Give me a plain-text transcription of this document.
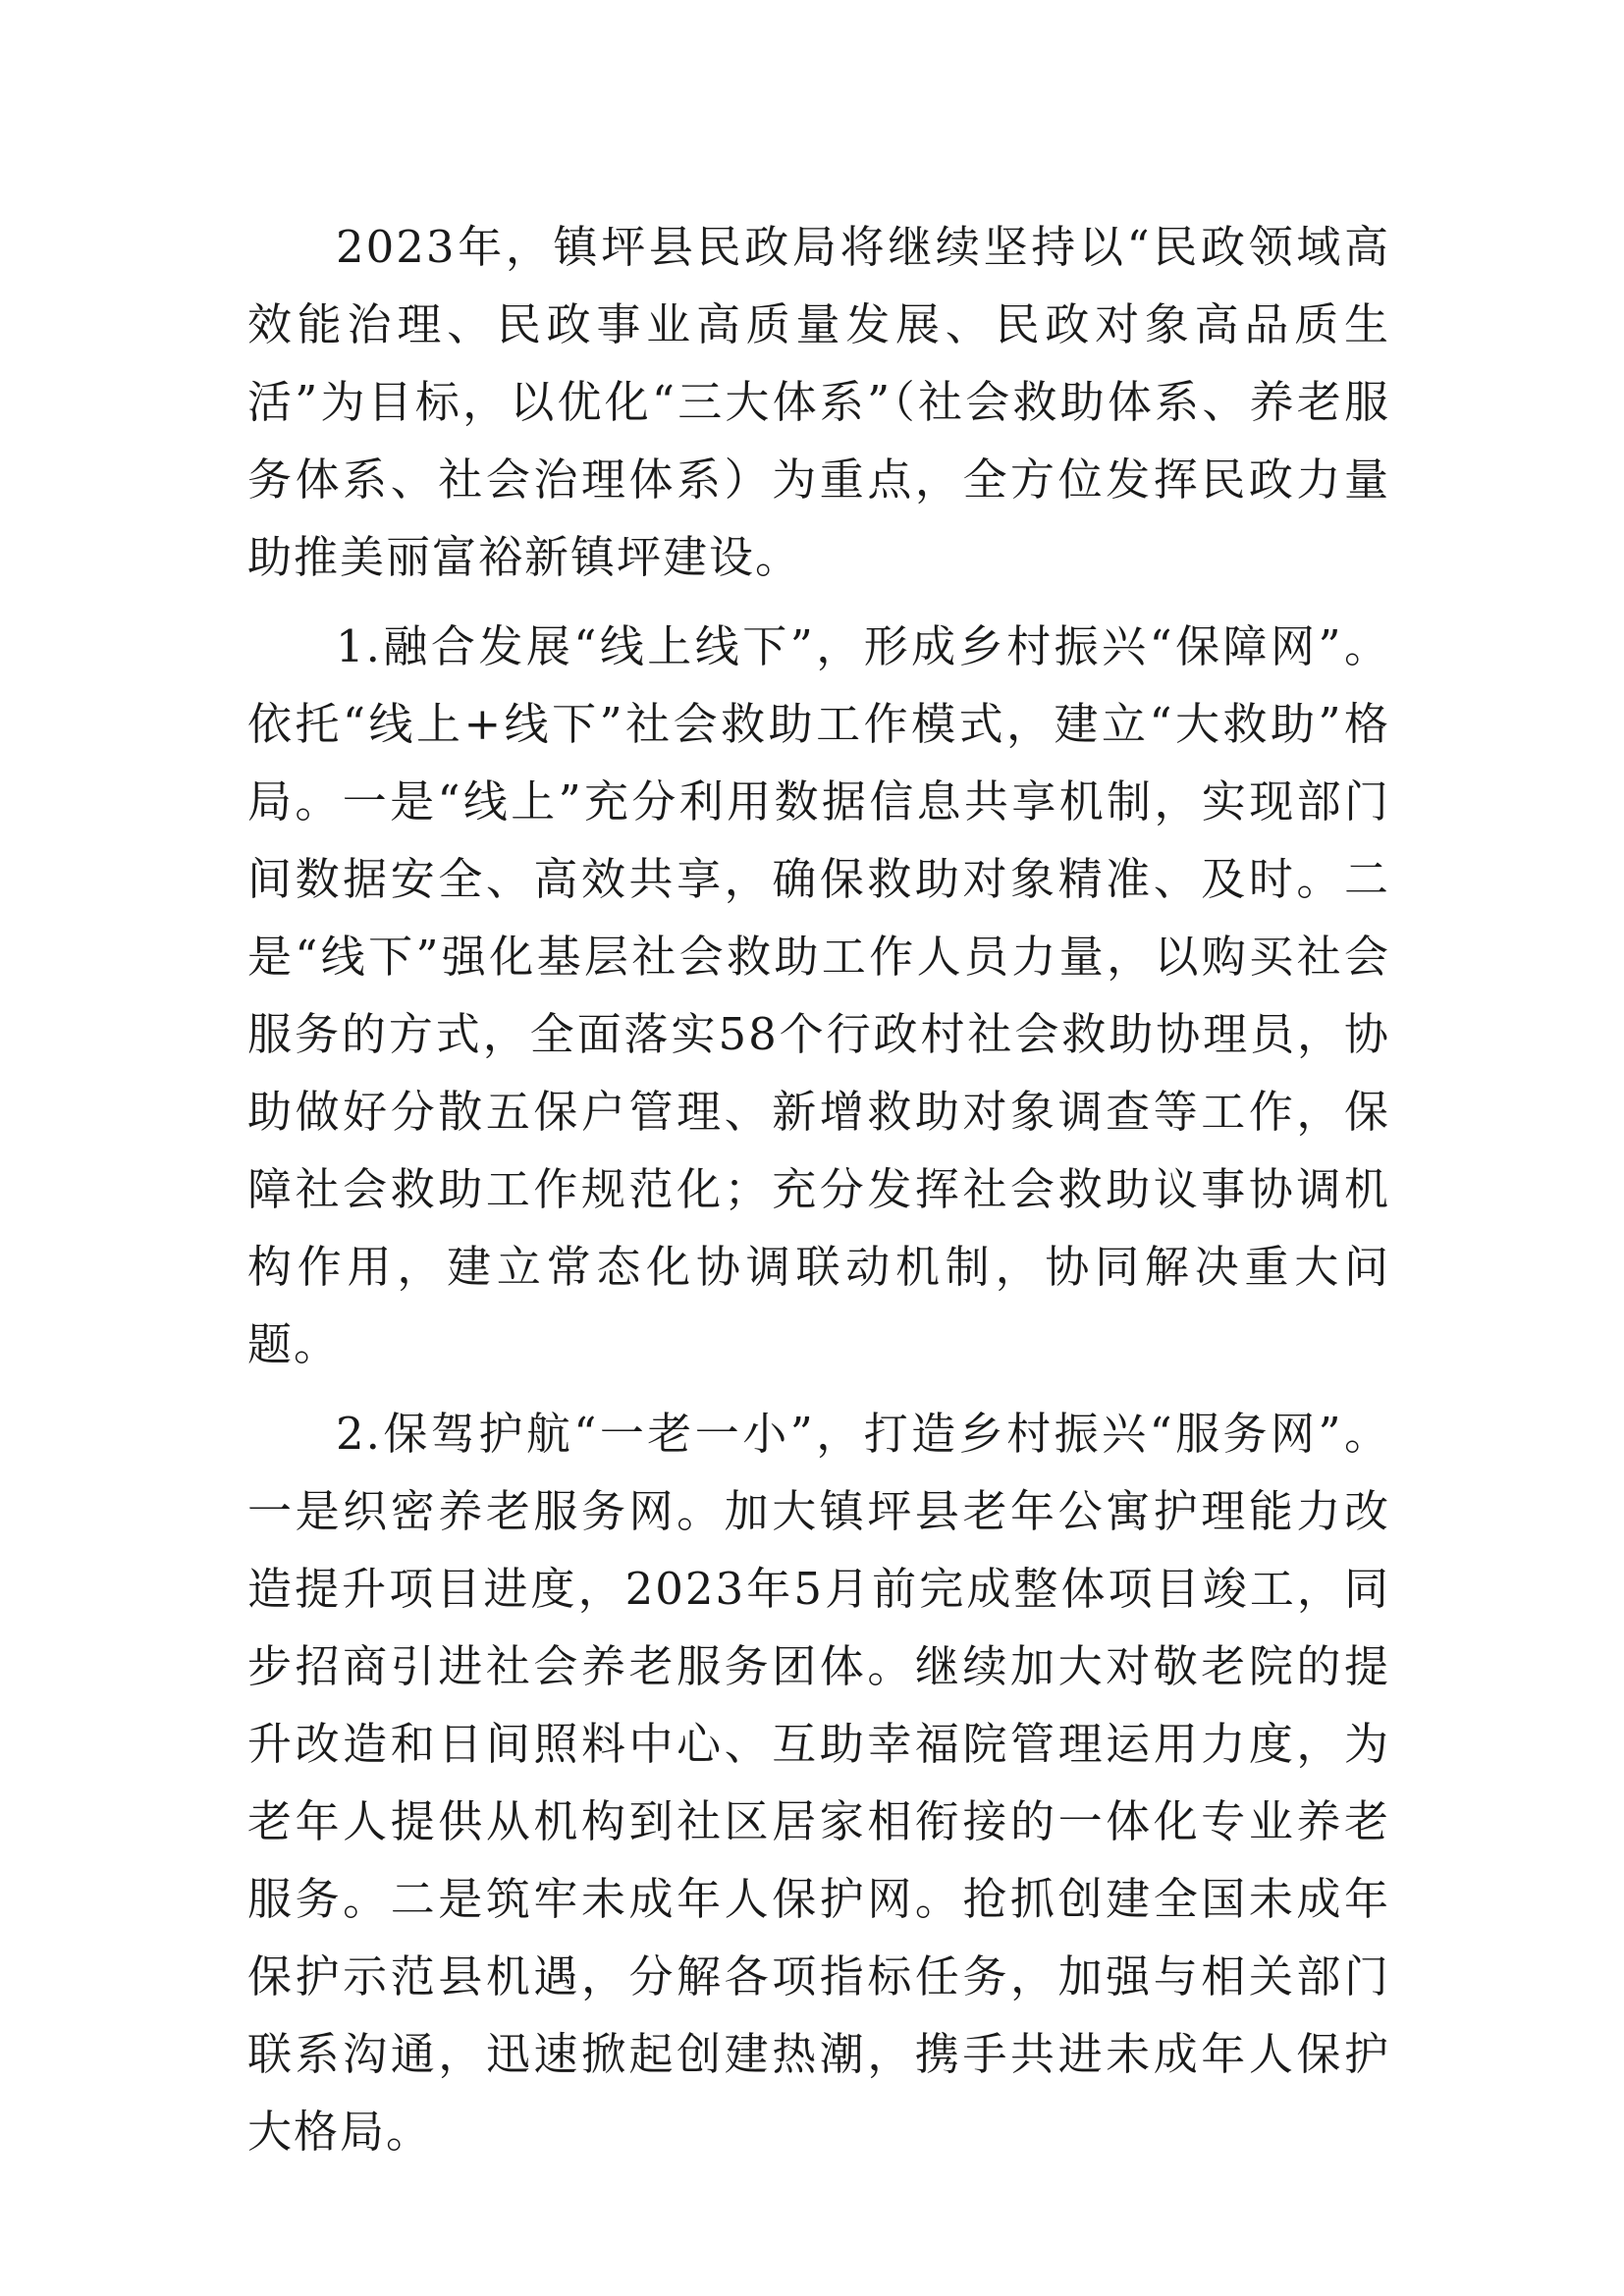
2023年，镇坪县民政局将继续坚持以“民政领域高效能治理、民政事业高质量发展、民政对象高品质生活”为目标，以优化“三大体系”（社会救助体系、养老服务体系、社会治理体系）为重点，全方位发挥民政力量助推美丽富裕新镇坪建设。

1.融合发展“线上线下”，形成乡村振兴“保障网”。依托“线上+线下”社会救助工作模式，建立“大救助”格局。一是“线上”充分利用数据信息共享机制，实现部门间数据安全、高效共享，确保救助对象精准、及时。二是“线下”强化基层社会救助工作人员力量，以购买社会服务的方式，全面落实58个行政村社会救助协理员，协助做好分散五保户管理、新增救助对象调查等工作，保障社会救助工作规范化；充分发挥社会救助议事协调机构作用，建立常态化协调联动机制，协同解决重大问题。

2.保驾护航“一老一小”，打造乡村振兴“服务网”。一是织密养老服务网。加大镇坪县老年公寓护理能力改造提升项目进度，2023年5月前完成整体项目竣工，同步招商引进社会养老服务团体。继续加大对敬老院的提升改造和日间照料中心、互助幸福院管理运用力度，为老年人提供从机构到社区居家相衔接的一体化专业养老服务。二是筑牢未成年人保护网。抢抓创建全国未成年保护示范县机遇，分解各项指标任务，加强与相关部门联系沟通，迅速掀起创建热潮，携手共进未成年人保护大格局。
